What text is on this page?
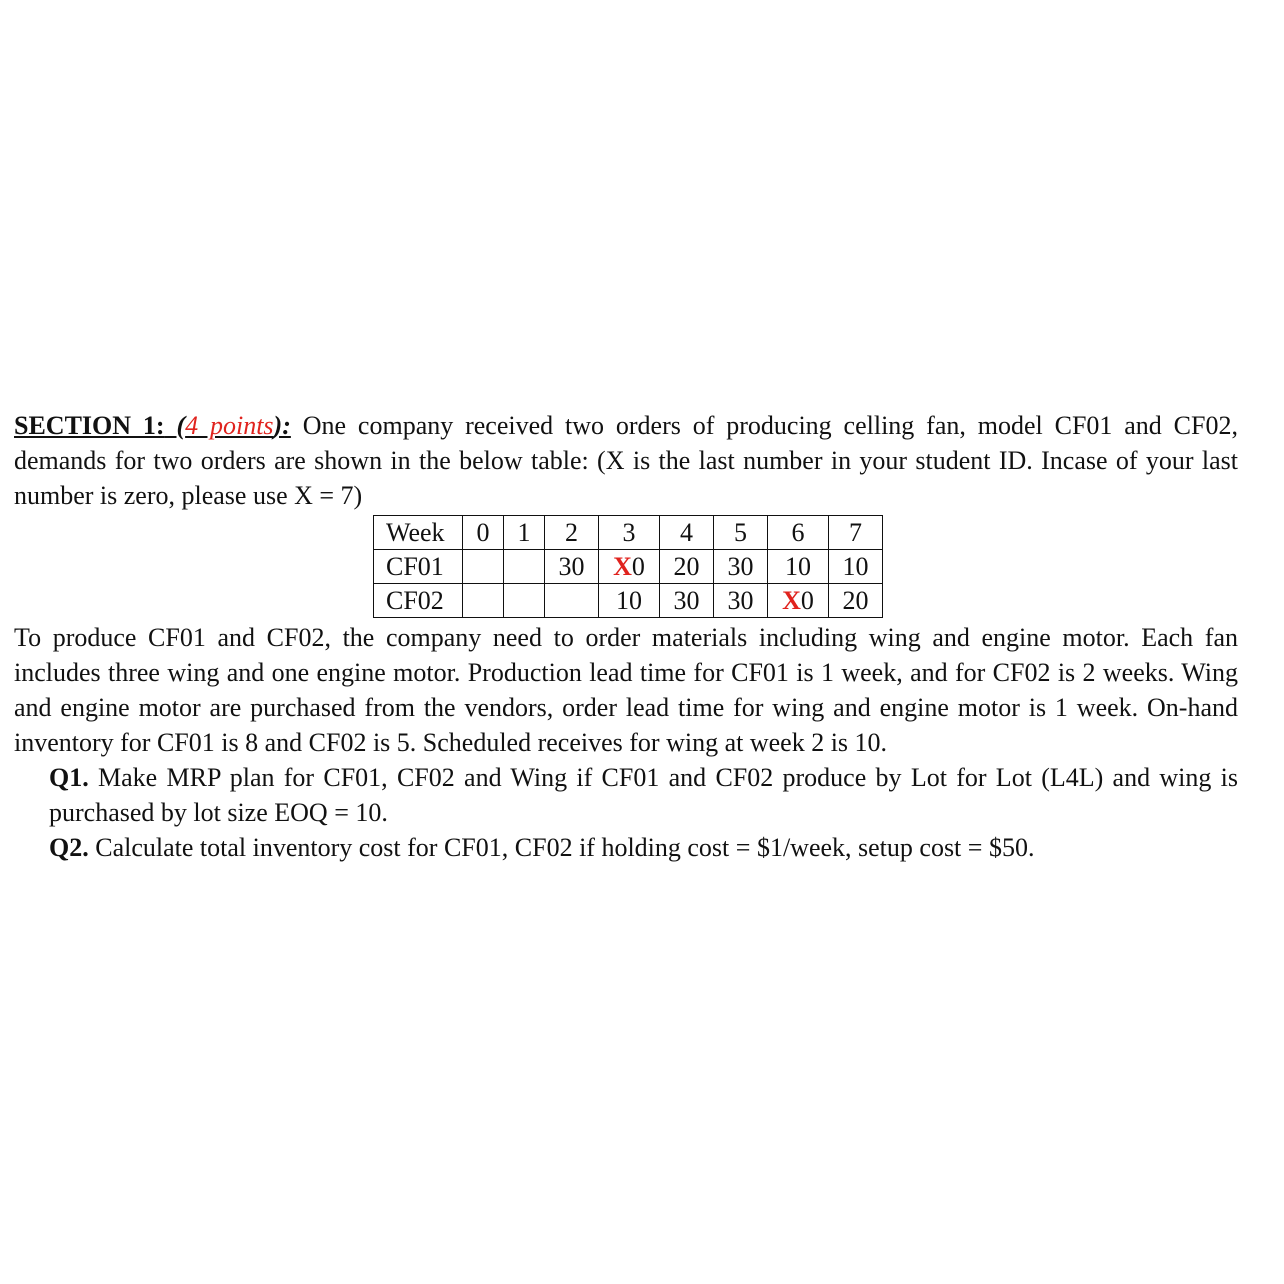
SECTION 1: (4 points): One company received two orders of producing celling fan, model CF01 and CF02, demands for two orders are shown in the below table: (X is the last number in your student ID. Incase of your last number is zero, please use X = 7)
Week	0	1	2	3	4	5	6	7
CF01			30	X0	20	30	10	10
CF02				10	30	30	X0	20
To produce CF01 and CF02, the company need to order materials including wing and engine motor. Each fan includes three wing and one engine motor. Production lead time for CF01 is 1 week, and for CF02 is 2 weeks. Wing and engine motor are purchased from the vendors, order lead time for wing and engine motor is 1 week. On-hand inventory for CF01 is 8 and CF02 is 5. Scheduled receives for wing at week 2 is 10.
Q1. Make MRP plan for CF01, CF02 and Wing if CF01 and CF02 produce by Lot for Lot (L4L) and wing is purchased by lot size EOQ = 10.
Q2. Calculate total inventory cost for CF01, CF02 if holding cost = $1/week, setup cost = $50.
